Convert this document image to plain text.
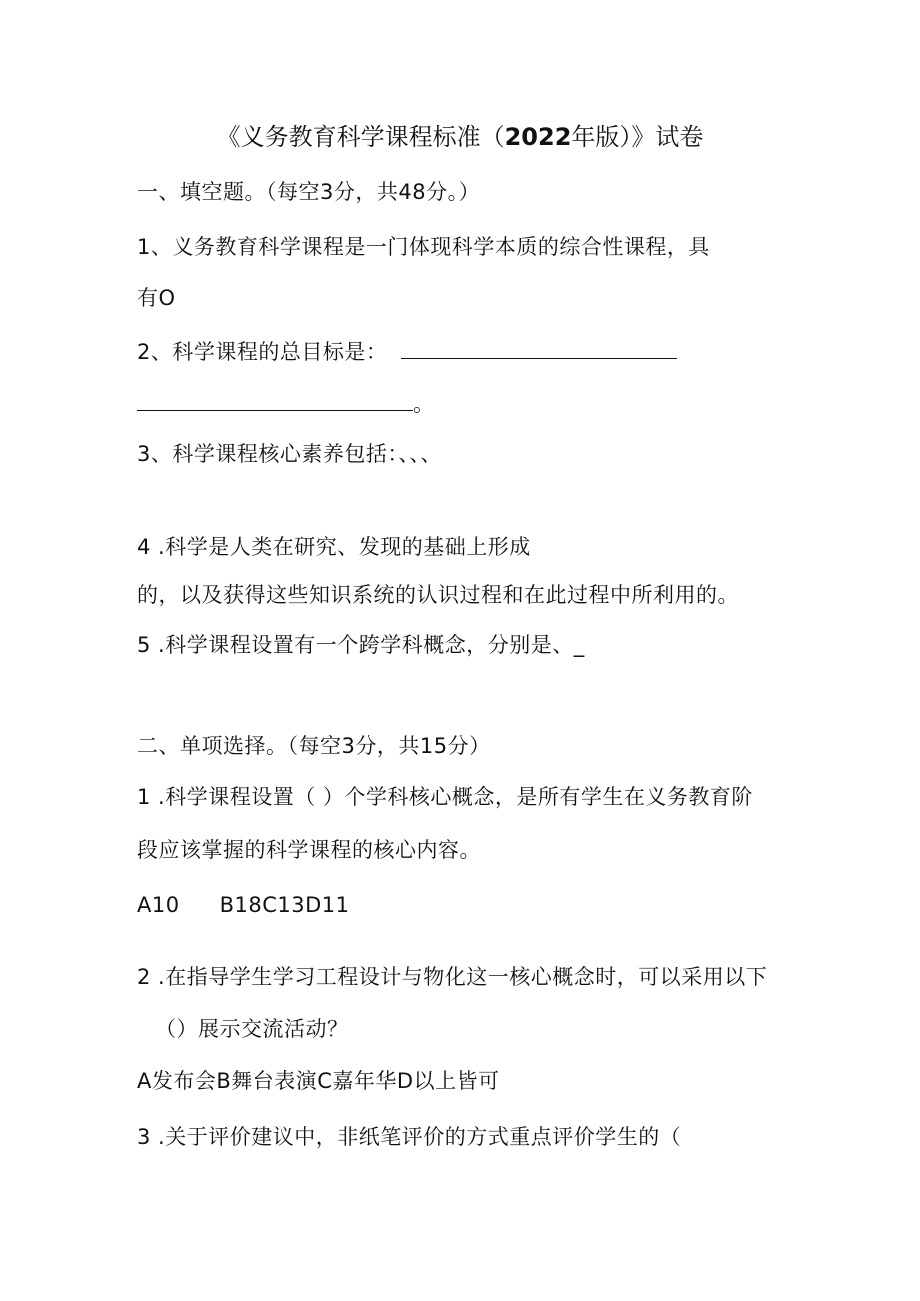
《义务教育科学课程标准（2022年版）》试卷
一、填空题。（每空3分，共48分。）
1、义务教育科学课程是一门体现科学本质的综合性课程，具
有O
2、科学课程的总目标是：
。
3、科学课程核心素养包括：、、、
4 .科学是人类在研究、发现的基础上形成
的，以及获得这些知识系统的认识过程和在此过程中所利用的。
5 .科学课程设置有一个跨学科概念，分别是、_
二、单项选择。（每空3分，共15分）
1 .科学课程设置（ ）个学科核心概念，是所有学生在义务教育阶
段应该掌握的科学课程的核心内容。
A10 B18C13D11
2 .在指导学生学习工程设计与物化这一核心概念时，可以采用以下
（）展示交流活动？
A发布会B舞台表演C嘉年华D以上皆可
3 .关于评价建议中，非纸笔评价的方式重点评价学生的（
